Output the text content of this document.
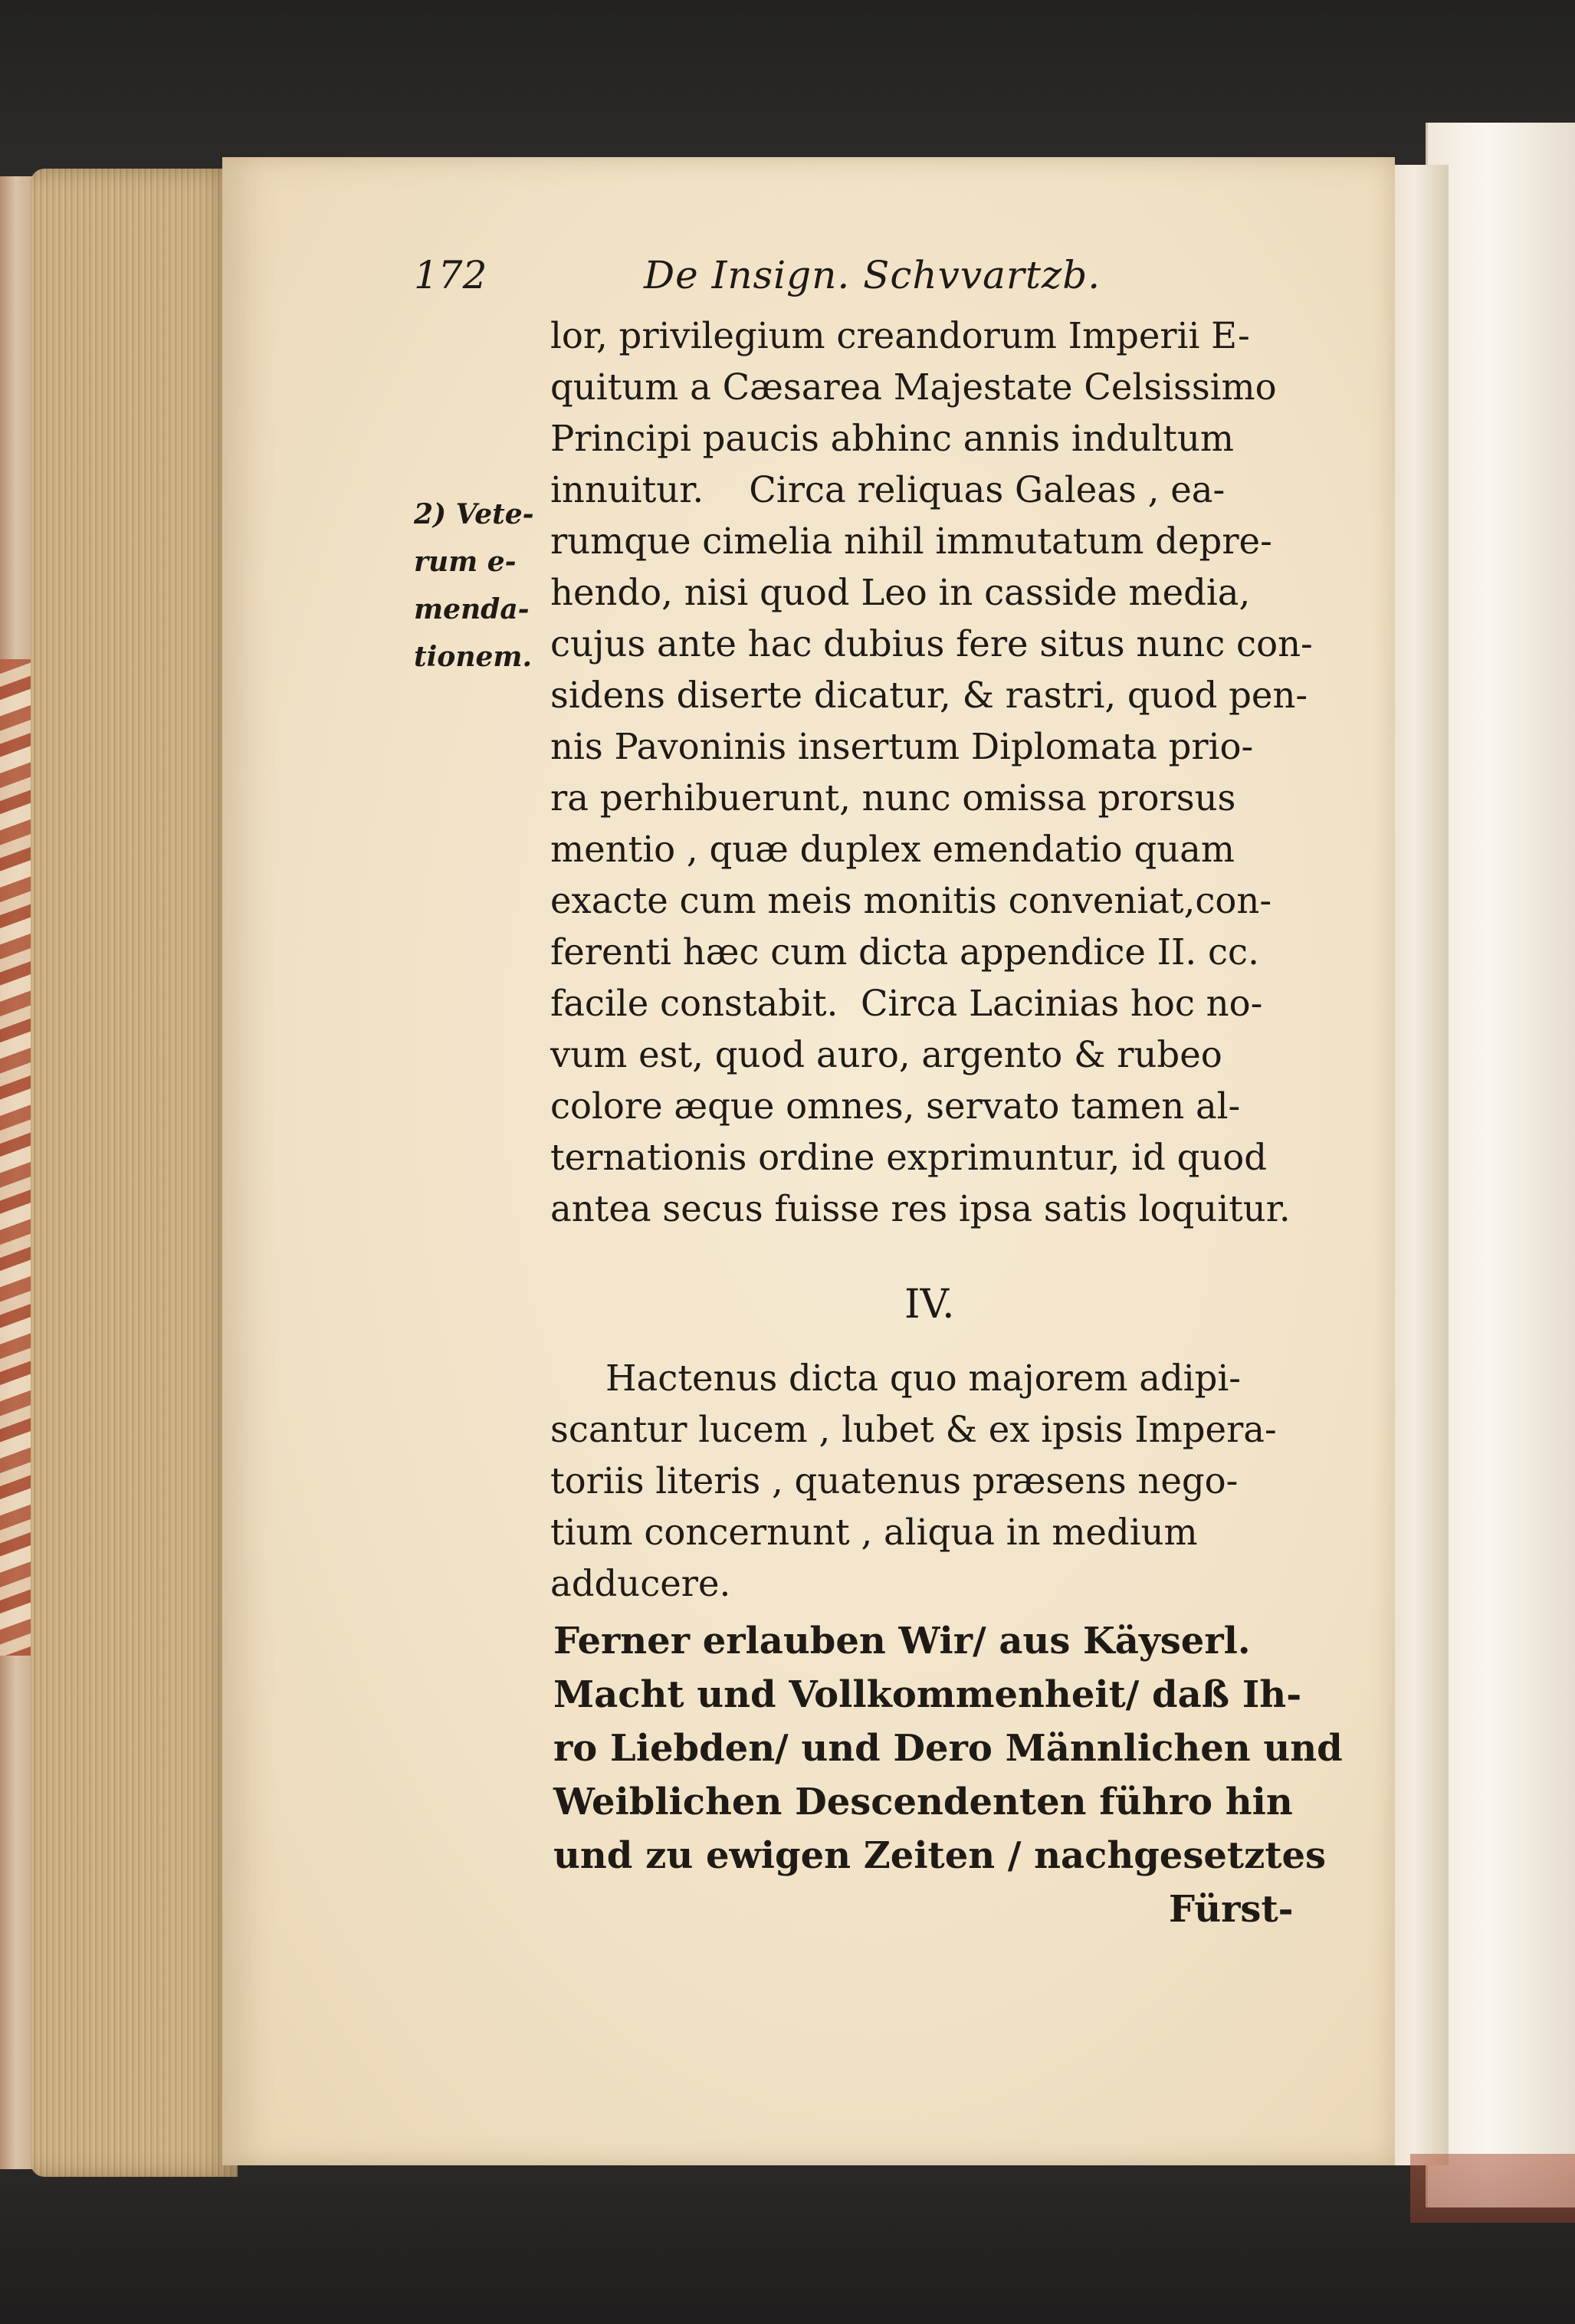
172	De Insign. Schvvartzb.
2) Vete-
rum e-
menda-
tionem.
lor, privilegium creandorum Imperii E-
quitum a Cæsarea Majestate Celsissimo
Principi paucis abhinc annis indultum
innuitur.    Circa reliquas Galeas , ea-
rumque cimelia nihil immutatum depre-
hendo, nisi quod Leo in casside media,
cujus ante hac dubius fere situs nunc con-
sidens diserte dicatur, & rastri, quod pen-
nis Pavoninis insertum Diplomata prio-
ra perhibuerunt, nunc omissa prorsus
mentio , quæ duplex emendatio quam
exacte cum meis monitis conveniat,con-
ferenti hæc cum dicta appendice II. cc.
facile constabit.  Circa Lacinias hoc no-
vum est, quod auro, argento & rubeo
colore æque omnes, servato tamen al-
ternationis ordine exprimuntur, id quod
antea secus fuisse res ipsa satis loquitur.
IV.
Hactenus dicta quo majorem adipi-
scantur lucem , lubet & ex ipsis Impera-
toriis literis , quatenus præsens nego-
tium concernunt , aliqua in medium
adducere.
Ferner erlauben Wir/ aus Käyserl.
Macht und Vollkommenheit/ daß Ih-
ro Liebden/ und Dero Männlichen und
Weiblichen Descendenten führo hin
und zu ewigen Zeiten / nachgesetztes
Fürst-
